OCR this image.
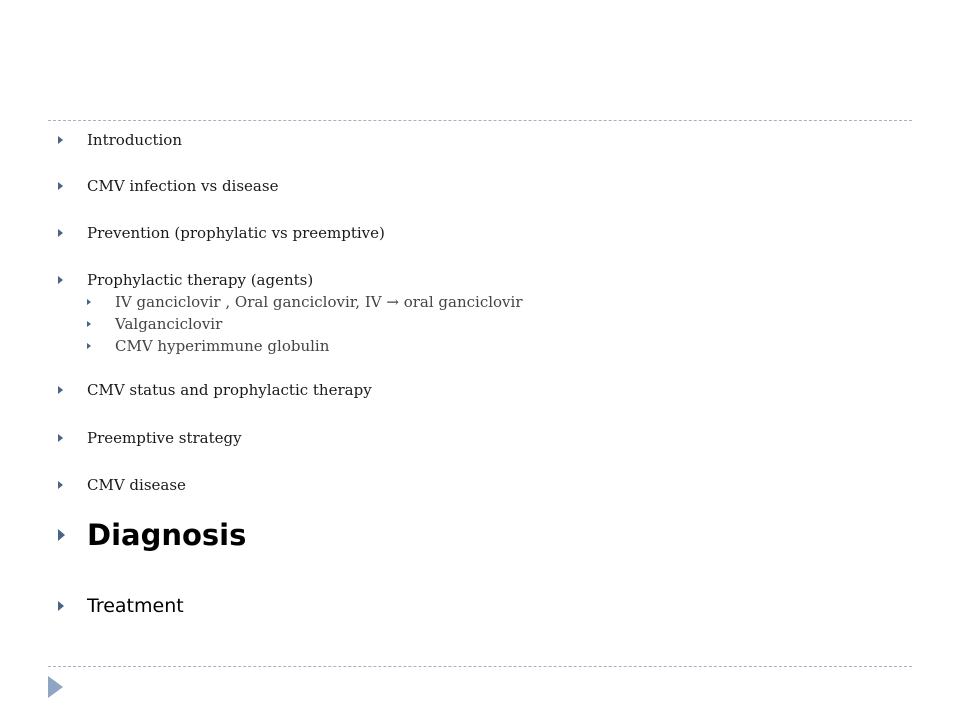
Introduction
CMV infection vs disease
Prevention (prophylatic vs preemptive)
Prophylactic therapy (agents)
IV ganciclovir , Oral ganciclovir, IV → oral ganciclovir
Valganciclovir
CMV hyperimmune globulin
CMV status and prophylactic therapy
Preemptive strategy
CMV disease
Diagnosis
Treatment
